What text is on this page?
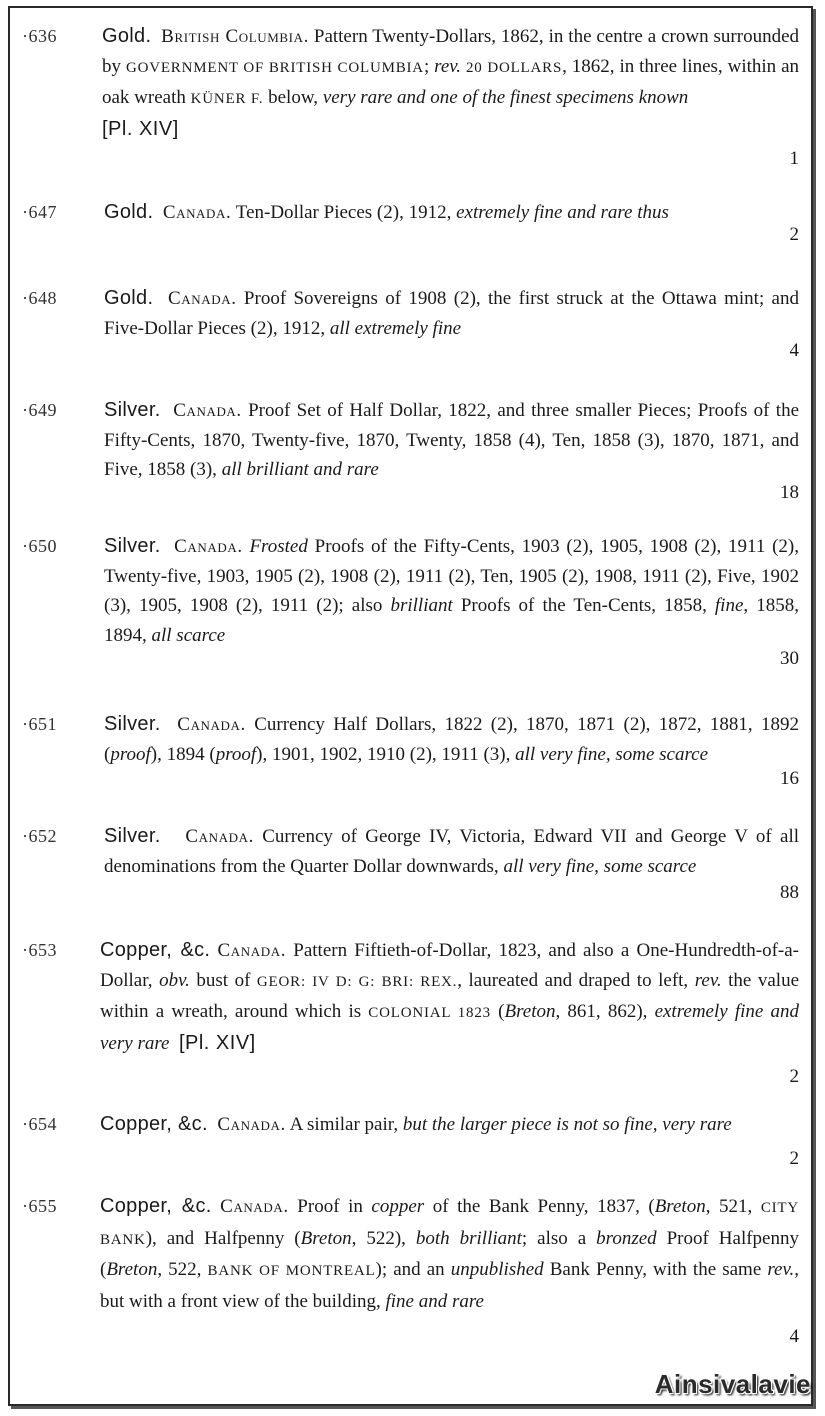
·636 Gold. British Columbia. Pattern Twenty-Dollars, 1862, in the centre a crown surrounded by GOVERNMENT OF BRITISH COLUMBIA; rev. 20 DOLLARS, 1862, in three lines, within an oak wreath KÜNER F. below, very rare and one of the finest specimens known
[Pl. XIV]
1
·647 Gold. Canada. Ten-Dollar Pieces (2), 1912, extremely fine and rare thus
2
·648 Gold. Canada. Proof Sovereigns of 1908 (2), the first struck at the Ottawa mint; and Five-Dollar Pieces (2), 1912, all extremely fine
4
·649 Silver. Canada. Proof Set of Half Dollar, 1822, and three smaller Pieces; Proofs of the Fifty-Cents, 1870, Twenty-five, 1870, Twenty, 1858 (4), Ten, 1858 (3), 1870, 1871, and Five, 1858 (3), all brilliant and rare
18
·650 Silver. Canada. Frosted Proofs of the Fifty-Cents, 1903 (2), 1905, 1908 (2), 1911 (2), Twenty-five, 1903, 1905 (2), 1908 (2), 1911 (2), Ten, 1905 (2), 1908, 1911 (2), Five, 1902 (3), 1905, 1908 (2), 1911 (2); also brilliant Proofs of the Ten-Cents, 1858, fine, 1858, 1894, all scarce
30
·651 Silver. Canada. Currency Half Dollars, 1822 (2), 1870, 1871 (2), 1872, 1881, 1892 (proof), 1894 (proof), 1901, 1902, 1910 (2), 1911 (3), all very fine, some scarce
16
·652 Silver. Canada. Currency of George IV, Victoria, Edward VII and George V of all denominations from the Quarter Dollar downwards, all very fine, some scarce
88
·653 Copper, &c. Canada. Pattern Fiftieth-of-Dollar, 1823, and also a One-Hundredth-of-a-Dollar, obv. bust of GEOR: IV D: G: BRI: REX., laureated and draped to left, rev. the value within a wreath, around which is COLONIAL 1823 (Breton, 861, 862), extremely fine and very rare [Pl. XIV]
2
·654 Copper, &c. Canada. A similar pair, but the larger piece is not so fine, very rare
2
·655 Copper, &c. Canada. Proof in copper of the Bank Penny, 1837, (Breton, 521, CITY BANK), and Halfpenny (Breton, 522), both brilliant; also a bronzed Proof Halfpenny (Breton, 522, BANK OF MONTREAL); and an unpublished Bank Penny, with the same rev., but with a front view of the building, fine and rare
4
Ainsivalavie
